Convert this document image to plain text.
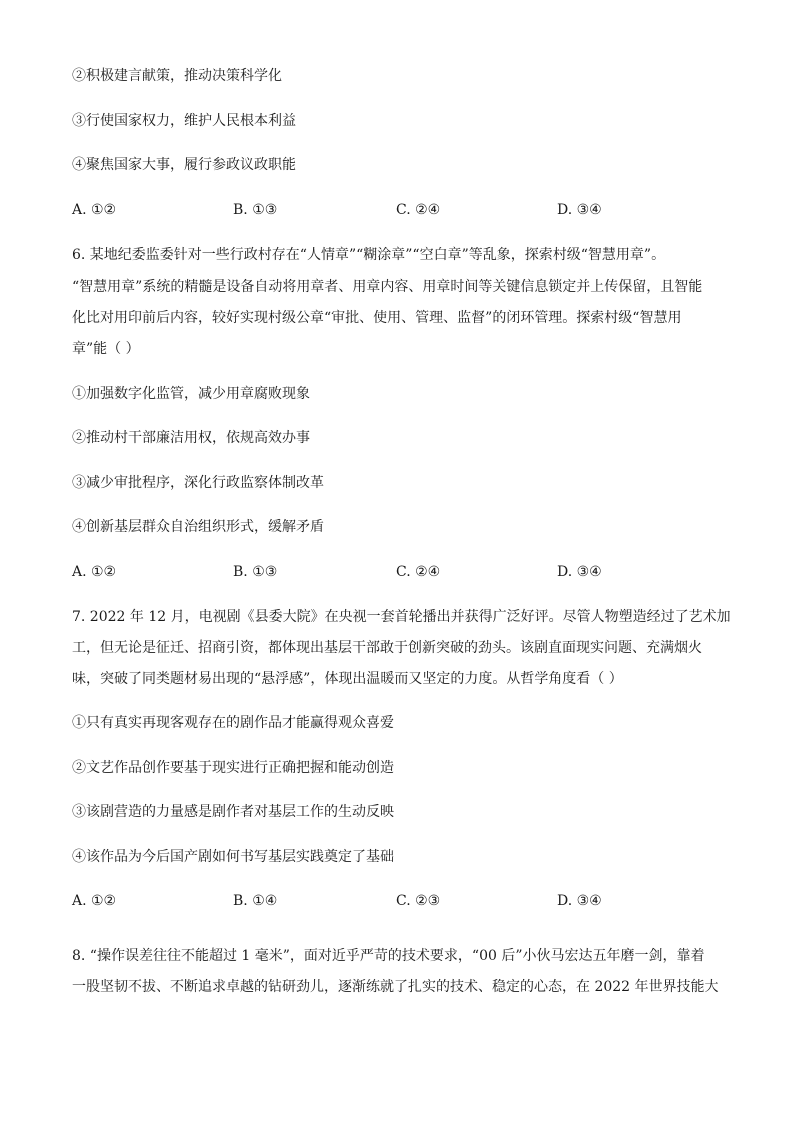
②积极建言献策，推动决策科学化
③行使国家权力，维护人民根本利益
④聚焦国家大事，履行参政议政职能
A. ①②	B. ①③	C. ②④	D. ③④
6. 某地纪委监委针对一些行政村存在“人情章”“糊涂章”“空白章”等乱象，探索村级“智慧用章”。
“智慧用章”系统的精髓是设备自动将用章者、用章内容、用章时间等关键信息锁定并上传保留，且智能
化比对用印前后内容，较好实现村级公章“审批、使用、管理、监督”的闭环管理。探索村级“智慧用
章”能（ ）
①加强数字化监管，减少用章腐败现象
②推动村干部廉洁用权，依规高效办事
③减少审批程序，深化行政监察体制改革
④创新基层群众自治组织形式，缓解矛盾
A. ①②	B. ①③	C. ②④	D. ③④
7. 2022 年 12 月，电视剧《县委大院》在央视一套首轮播出并获得广泛好评。尽管人物塑造经过了艺术加
工，但无论是征迁、招商引资，都体现出基层干部敢于创新突破的劲头。该剧直面现实问题、充满烟火
味，突破了同类题材易出现的“悬浮感”，体现出温暖而又坚定的力度。从哲学角度看（ ）
①只有真实再现客观存在的剧作品才能赢得观众喜爱
②文艺作品创作要基于现实进行正确把握和能动创造
③该剧营造的力量感是剧作者对基层工作的生动反映
④该作品为今后国产剧如何书写基层实践奠定了基础
A. ①②	B. ①④	C. ②③	D. ③④
8. “操作误差往往不能超过 1 毫米”，面对近乎严苛的技术要求，“00 后”小伙马宏达五年磨一剑，靠着
一股坚韧不拔、不断追求卓越的钻研劲儿，逐渐练就了扎实的技术、稳定的心态，在 2022 年世界技能大
